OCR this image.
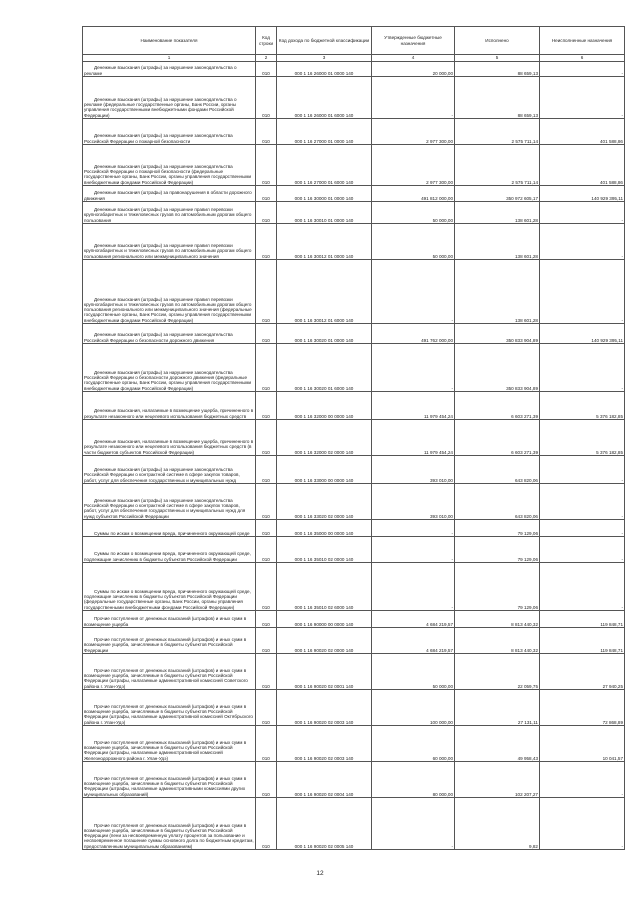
Наименование показателя	Код строки	Код дохода по бюджетной классификации	Утвержденные бюджетные назначения	Исполнено	Неисполненные назначения
1	2	3	4	5	6
Денежные взыскания (штрафы) за нарушение законодательства о рекламе	010	000 1 16 26000 01 0000 140	20 000,00	88 659,13	-
Денежные взыскания (штрафы) за нарушение законодательства о рекламе (федеральные государственные органы, Банк России, органы управления государственными внебюджетными фондами Российской Федерации)	010	000 1 16 26000 01 6000 140	-	88 659,13	-
Денежные взыскания (штрафы) за нарушение законодательства Российской Федерации о пожарной безопасности	010	000 1 16 27000 01 0000 140	2 977 300,00	2 575 711,14	401 588,86
Денежные взыскания (штрафы) за нарушение законодательства Российской Федерации о пожарной безопасности (федеральные государственные органы, Банк России, органы управления государственными внебюджетными фондами Российской Федерации)	010	000 1 16 27000 01 6000 140	2 977 300,00	2 575 711,14	401 588,86
Денежные взыскания (штрафы) за правонарушения в области дорожного движения	010	000 1 16 30000 01 0000 140	491 812 000,00	350 972 605,17	140 929 395,11
Денежные взыскания (штрафы) за нарушение правил перевозки крупногабаритных и тяжеловесных грузов по автомобильным дорогам общего пользования	010	000 1 16 30010 01 0000 140	50 000,00	138 601,28	-
Денежные взыскания (штрафы) за нарушение правил перевозки крупногабаритных и тяжеловесных грузов по автомобильным дорогам общего пользования регионального или межмуниципального значения	010	000 1 16 30012 01 0000 140	50 000,00	138 601,28	-
Денежные взыскания (штрафы) за нарушение правил перевозки крупногабаритных и тяжеловесных грузов по автомобильным дорогам общего пользования регионального или межмуниципального значения (федеральные государственные органы, Банк России, органы управления государственными внебюджетными фондами Российской Федерации)	010	000 1 16 30012 01 6000 140	-	138 601,28	-
Денежные взыскания (штрафы) за нарушение законодательства Российской Федерации о безопасности дорожного движения	010	000 1 16 30020 01 0000 140	491 762 000,00	350 833 904,89	140 929 395,11
Денежные взыскания (штрафы) за нарушение законодательства Российской Федерации о безопасности дорожного движения (федеральные государственные органы, Банк России, органы управления государственными внебюджетными фондами Российской Федерации)	010	000 1 16 30020 01 6000 140	-	350 833 904,89	-
Денежные взыскания, налагаемые в возмещение ущерба, причиненного в результате незаконного или нецелевого использования бюджетных средств	010	000 1 16 32000 00 0000 140	11 979 454,24	6 603 271,39	5 376 182,85
Денежные взыскания, налагаемые в возмещение ущерба, причиненного в результате незаконного или нецелевого использования бюджетных средств (в части бюджетов субъектов Российской Федерации)	010	000 1 16 32000 02 0000 140	11 979 454,24	6 603 271,39	5 376 182,85
Денежные взыскания (штрафы) за нарушение законодательства Российской Федерации о контрактной системе в сфере закупок товаров, работ, услуг для обеспечения государственных и муниципальных нужд	010	000 1 16 33000 00 0000 140	393 010,00	643 820,06	-
Денежные взыскания (штрафы) за нарушение законодательства Российской Федерации о контрактной системе в сфере закупок товаров, работ, услуг для обеспечения государственных и муниципальных нужд для нужд субъектов Российской Федерации	010	000 1 16 33020 02 0000 140	393 010,00	643 820,06	-
Суммы по искам о возмещении вреда, причиненного окружающей среде	010	000 1 16 35000 00 0000 140	-	79 129,06	-
Суммы по искам о возмещении вреда, причиненного окружающей среде, подлежащие зачислению в бюджеты субъектов Российской Федерации	010	000 1 16 35010 02 0000 140	-	79 129,06	-
Суммы по искам о возмещении вреда, причиненного окружающей среде, подлежащие зачислению в бюджеты субъектов Российской Федерации (федеральные государственные органы, Банк России, органы управления государственными внебюджетными фондами Российской Федерации)	010	000 1 16 35010 02 6000 140	-	79 129,06	-
Прочие поступления от денежных взысканий (штрафов) и иных сумм в возмещение ущерба	010	000 1 16 90000 00 0000 140	4 684 219,57	8 813 440,32	119 848,71
Прочие поступления от денежных взысканий (штрафов) и иных сумм в возмещение ущерба, зачисляемые в бюджеты субъектов Российской Федерации	010	000 1 16 90020 02 0000 140	4 684 219,57	8 813 440,32	119 848,71
Прочие поступления от денежных взысканий (штрафов) и иных сумм в возмещение ущерба, зачисляемые в бюджеты субъектов Российской Федерации (штрафы, налагаемые административной комиссией Советского района г. Улан-Удэ)	010	000 1 16 90020 02 0001 140	50 000,00	22 059,75	27 940,25
Прочие поступления от денежных взысканий (штрафов) и иных сумм в возмещение ущерба, зачисляемые в бюджеты субъектов Российской Федерации (штрафы, налагаемые административной комиссией Октябрьского района г. Улан-Удэ)	010	000 1 16 90020 02 0003 140	100 000,00	27 131,11	72 868,89
Прочие поступления от денежных взысканий (штрафов) и иных сумм в возмещение ущерба, зачисляемые в бюджеты субъектов Российской Федерации (штрафы, налагаемые административной комиссией Железнодорожного района г. Улан-Удэ)	010	000 1 16 90020 02 0003 140	60 000,00	49 958,43	10 041,57
Прочие поступления от денежных взысканий (штрафов) и иных сумм в возмещение ущерба, зачисляемые в бюджеты субъектов Российской Федерации (штрафы, налагаемые административными комиссиями других муниципальных образований)	010	000 1 16 90020 02 0004 140	80 000,00	102 207,27	-
Прочие поступления от денежных взысканий (штрафов) и иных сумм в возмещение ущерба, зачисляемые в бюджеты субъектов Российской Федерации (пени за несвоевременную уплату процентов за пользование и несвоевременное погашение суммы основного долга по бюджетным кредитам, предоставленным муниципальным образованиям)	010	000 1 16 90020 02 0005 140	-	9,82	-
12
